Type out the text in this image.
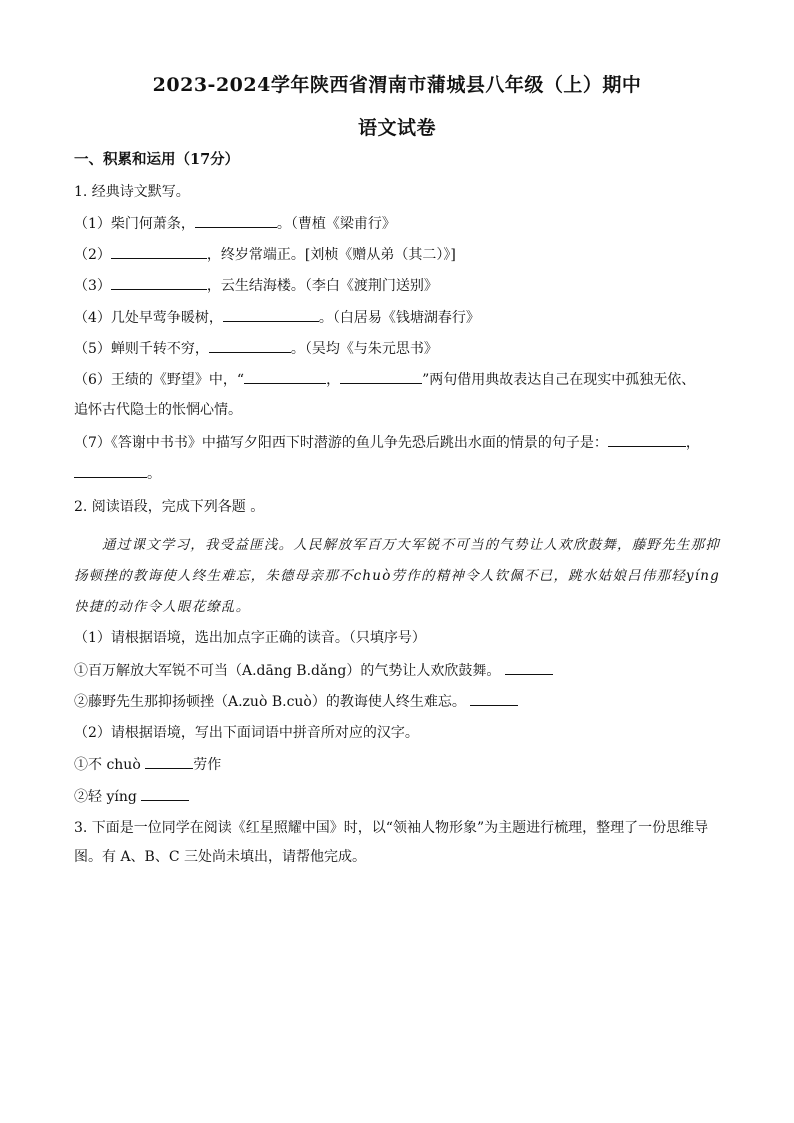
2023-2024学年陕西省渭南市蒲城县八年级（上）期中
语文试卷
一、积累和运用（17分）
1. 经典诗文默写。
（1）柴门何萧条，	。（曹植《梁甫行》
（2）	，终岁常端正。[刘桢《赠从弟（其二）》]
（3）	，云生结海楼。（李白《渡荆门送别》
（4）几处早莺争暖树，	。（白居易《钱塘湖春行》
（5）蝉则千转不穷，	。（吴均《与朱元思书》
（6）王绩的《野望》中，“	，	”两句借用典故表达自己在现实中孤独无依、
追怀古代隐士的怅惘心情。
（7）《答谢中书书》中描写夕阳西下时潜游的鱼儿争先恐后跳出水面的情景的句子是：	，
。
2. 阅读语段，完成下列各题 。
通过课文学习，我受益匪浅。人民解放军百万大军锐不可当的气势让人欢欣鼓舞，藤野先生那抑扬顿挫的教诲使人终生难忘，朱德母亲那不chuò劳作的精神令人钦佩不已，跳水姑娘吕伟那轻yíng快捷的动作令人眼花缭乱。
（1）请根据语境，选出加点字正确的读音。（只填序号）
①百万解放大军锐不可当（A.dāng B.dǎng）的气势让人欢欣鼓舞。
②藤野先生那抑扬顿挫（A.zuò B.cuò）的教诲使人终生难忘。
（2）请根据语境，写出下面词语中拼音所对应的汉字。
①不 chuò	劳作
②轻 yíng
3. 下面是一位同学在阅读《红星照耀中国》时，以“领袖人物形象”为主题进行梳理，整理了一份思维导
图。有 A、B、C 三处尚未填出，请帮他完成。
